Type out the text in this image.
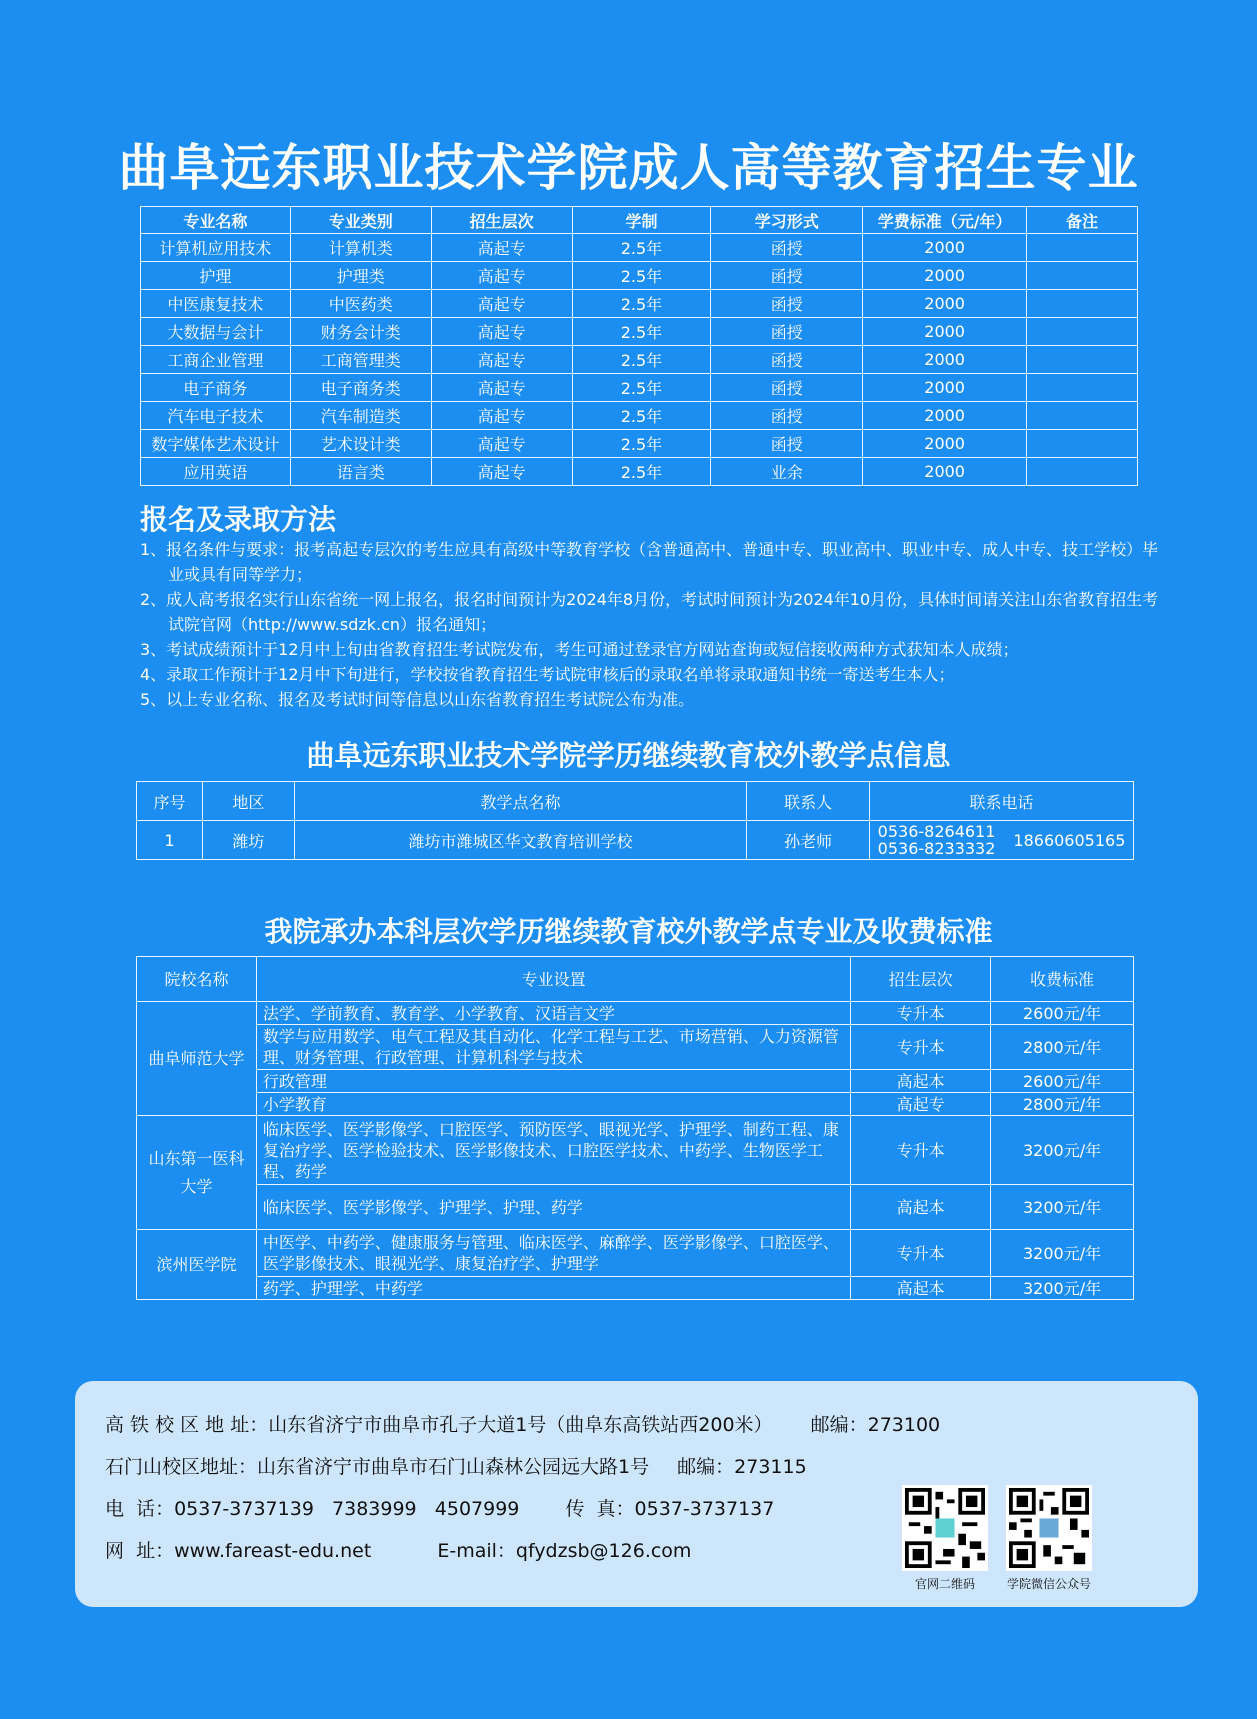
曲阜远东职业技术学院成人高等教育招生专业
专业名称	专业类别	招生层次	学制	学习形式	学费标准（元/年）	备注
计算机应用技术	计算机类	高起专	2.5年	函授	2000	
护理	护理类	高起专	2.5年	函授	2000	
中医康复技术	中医药类	高起专	2.5年	函授	2000	
大数据与会计	财务会计类	高起专	2.5年	函授	2000	
工商企业管理	工商管理类	高起专	2.5年	函授	2000	
电子商务	电子商务类	高起专	2.5年	函授	2000	
汽车电子技术	汽车制造类	高起专	2.5年	函授	2000	
数字媒体艺术设计	艺术设计类	高起专	2.5年	函授	2000	
应用英语	语言类	高起专	2.5年	业余	2000	
报名及录取方法
1、报名条件与要求：报考高起专层次的考生应具有高级中等教育学校（含普通高中、普通中专、职业高中、职业中专、成人中专、技工学校）毕业或具有同等学力；
2、成人高考报名实行山东省统一网上报名，报名时间预计为2024年8月份，考试时间预计为2024年10月份，具体时间请关注山东省教育招生考试院官网（http://www.sdzk.cn）报名通知；
3、考试成绩预计于12月中上旬由省教育招生考试院发布，考生可通过登录官方网站查询或短信接收两种方式获知本人成绩；
4、录取工作预计于12月中下旬进行，学校按省教育招生考试院审核后的录取名单将录取通知书统一寄送考生本人；
5、以上专业名称、报名及考试时间等信息以山东省教育招生考试院公布为准。
曲阜远东职业技术学院学历继续教育校外教学点信息
序号	地区	教学点名称	联系人	联系电话
1	潍坊	潍坊市潍城区华文教育培训学校	孙老师	0536-8264611
0536-8233332 18660605165
我院承办本科层次学历继续教育校外教学点专业及收费标准
院校名称	专业设置	招生层次	收费标准
曲阜师范大学	法学、学前教育、教育学、小学教育、汉语言文学	专升本	2600元/年
	数学与应用数学、电气工程及其自动化、化学工程与工艺、市场营销、人力资源管理、财务管理、行政管理、计算机科学与技术	专升本	2800元/年
	行政管理	高起本	2600元/年
	小学教育	高起专	2800元/年
山东第一医科大学	临床医学、医学影像学、口腔医学、预防医学、眼视光学、护理学、制药工程、康复治疗学、医学检验技术、医学影像技术、口腔医学技术、中药学、生物医学工程、药学	专升本	3200元/年
	临床医学、医学影像学、护理学、护理、药学	高起本	3200元/年
滨州医学院	中医学、中药学、健康服务与管理、临床医学、麻醉学、医学影像学、口腔医学、医学影像技术、眼视光学、康复治疗学、护理学	专升本	3200元/年
	药学、护理学、中药学	高起本	3200元/年
高 铁 校 区 地 址：山东省济宁市曲阜市孔子大道1号（曲阜东高铁站西200米） 邮编：273100
石门山校区地址：山东省济宁市曲阜市石门山森林公园远大路1号 邮编：273115
电  话：0537-3737139   7383999   4507999 传  真：0537-3737137
网  址：www.fareast-edu.net	E-mail：qfydzsb@126.com
官网二维码	学院微信公众号
